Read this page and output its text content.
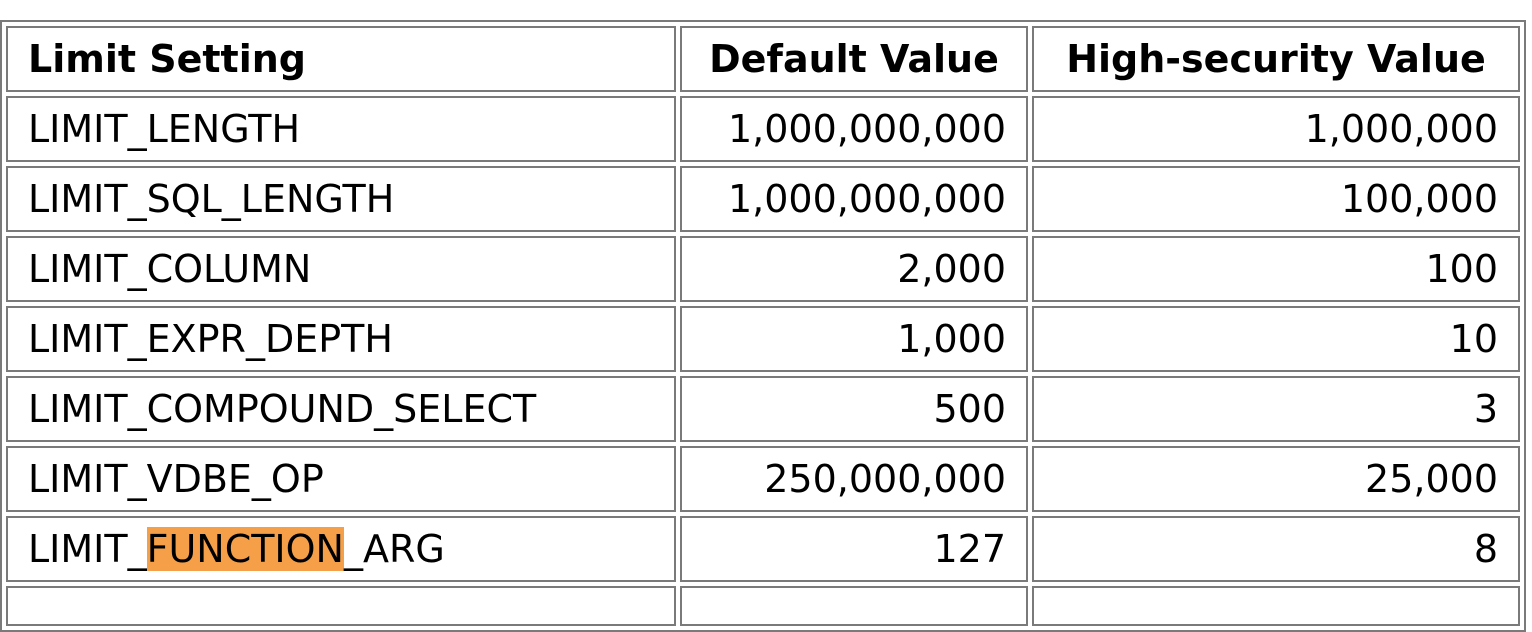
Limit Setting	Default Value	High-security Value
LIMIT_LENGTH	1,000,000,000	1,000,000
LIMIT_SQL_LENGTH	1,000,000,000	100,000
LIMIT_COLUMN	2,000	100
LIMIT_EXPR_DEPTH	1,000	10
LIMIT_COMPOUND_SELECT	500	3
LIMIT_VDBE_OP	250,000,000	25,000
LIMIT_FUNCTION_ARG	127	8
